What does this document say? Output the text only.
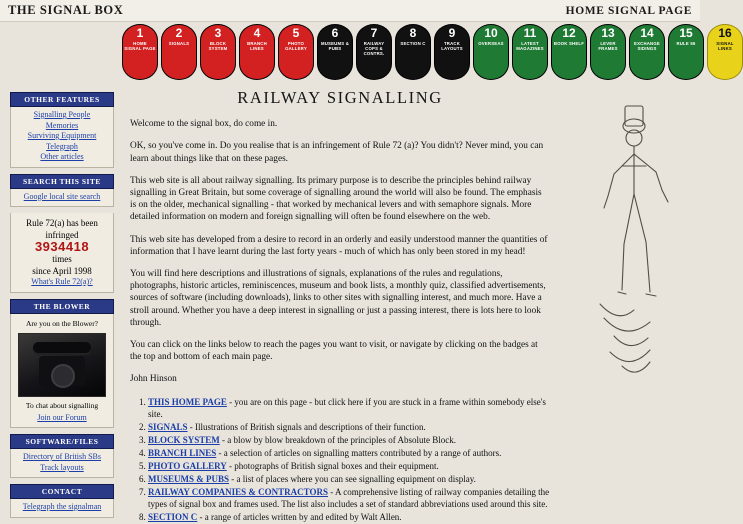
THE SIGNAL BOX	HOME SIGNAL PAGE
1
HOME SIGNAL PAGE
2
SIGNALS
3
BLOCK SYSTEM
4
BRANCH LINES
5
PHOTO GALLERY
6
MUSEUMS & PUBS
7
RAILWAY COPS & CONTRS.
8
SECTION C
9
TRACK LAYOUTS
10
OVERSEAS
11
LATEST MAGAZINES
12
BOOK SHELF
13
LEVER FRAMES
14
EXCHANGE SIDINGS
15
RULE 55
16
SIGNAL LINKS
OTHER FEATURES
Signalling People
Memories
Surviving Equipment
Telegraph
Other articles
SEARCH THIS SITE
Google local site search
Rule 72(a) has been
infringed
3934418
times
since April 1998
What's Rule 72(a)?
THE BLOWER
Are you on the Blower?
To chat about signalling
Join our Forum
SOFTWARE/FILES
Directory of British SBs
Track layouts
CONTACT
Telegraph the signalman
RAILWAY SIGNALLING

Welcome to the signal box, do come in.

OK, so you've come in. Do you realise that is an infringement of Rule 72 (a)? You didn't? Never mind, you can learn about things like that on these pages.

This web site is all about railway signalling. Its primary purpose is to describe the principles behind railway signalling in Great Britain, but some coverage of signalling around the world will also be found. The emphasis is on the older, mechanical signalling - that worked by mechanical levers and with semaphore signals. More detailed information on modern and foreign signalling will often be found elsewhere on the web.

This web site has developed from a desire to record in an orderly and easily understood manner the quantities of information that I have learnt during the last forty years - much of which has only been stored in my head!

You will find here descriptions and illustrations of signals, explanations of the rules and regulations, photographs, historic articles, reminiscences, museum and book lists, a monthly quiz, classified advertisements, sources of software (including downloads), links to other sites with signalling interest, and much more. Have a stroll around. Whether you have a deep interest in signalling or just a passing interest, there is lots here to look through.

You can click on the links below to reach the pages you want to visit, or navigate by clicking on the badges at the top and bottom of each main page.

John Hinson

1. THIS HOME PAGE - you are on this page - but click here if you are stuck in a frame within somebody else's site.
2. SIGNALS - Illustrations of British signals and descriptions of their function.
3. BLOCK SYSTEM - a blow by blow breakdown of the principles of Absolute Block.
4. BRANCH LINES - a selection of articles on signalling matters contributed by a range of authors.
5. PHOTO GALLERY - photographs of British signal boxes and their equipment.
6. MUSEUMS & PUBS - a list of places where you can see signalling equipment on display.
7. RAILWAY COMPANIES & CONTRACTORS - A comprehensive listing of railway companies detailing the types of signal box and frames used. The list also includes a set of standard abbreviations used around this site.
8. SECTION C - a range of articles written by and edited by Walt Allen.
